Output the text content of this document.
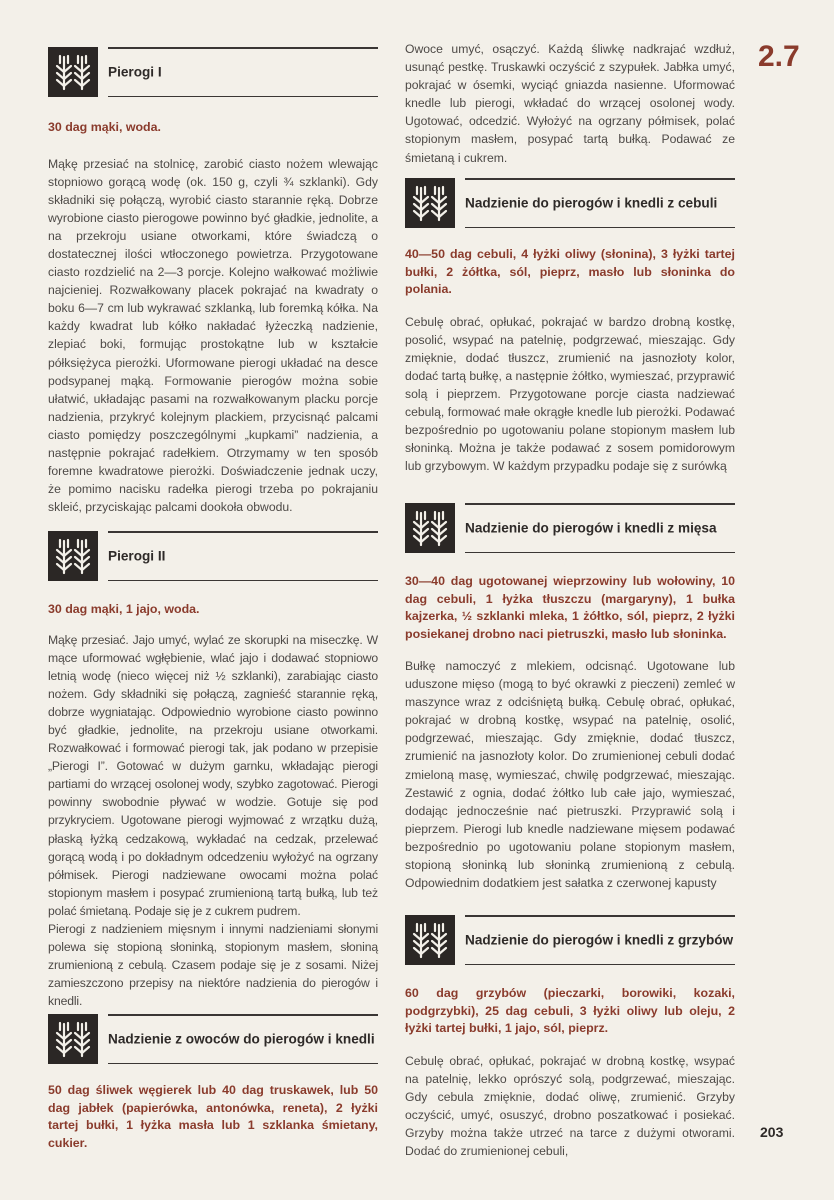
2.7
Pierogi I

30 dag mąki, woda.

Mąkę przesiać na stolnicę, zarobić ciasto nożem wlewając stopniowo gorącą wodę (ok. 150 g, czyli ¾ szklanki). Gdy składniki się połączą, wyrobić ciasto starannie ręką. Dobrze wyrobione ciasto pierogowe powinno być gładkie, jednolite, a na przekroju usiane otworkami, które świadczą o dostatecznej ilości wtłoczonego powietrza. Przygotowane ciasto rozdzielić na 2—3 porcje. Kolejno wałkować możliwie najcieniej. Rozwałkowany placek pokrajać na kwadraty o boku 6—7 cm lub wykrawać szklanką, lub foremką kółka. Na każdy kwadrat lub kółko nakładać łyżeczką nadzienie, zlepiać boki, formując prostokątne lub w kształcie półksiężyca pierożki. Uformowane pierogi układać na desce podsypanej mąką. Formowanie pierogów można sobie ułatwić, układając pasami na rozwałkowanym placku porcje nadzienia, przykryć kolejnym plackiem, przycisnąć palcami ciasto pomiędzy poszczególnymi „kupkami” nadzienia, a następnie pokrajać radełkiem. Otrzymamy w ten sposób foremne kwadratowe pierożki. Doświadczenie jednak uczy, że pomimo nacisku radełka pierogi trzeba po pokrajaniu skleić, przyciskając palcami dookoła obwodu.

Pierogi II

30 dag mąki, 1 jajo, woda.

Mąkę przesiać. Jajo umyć, wylać ze skorupki na miseczkę. W mące uformować wgłębienie, wlać jajo i dodawać stopniowo letnią wodę (nieco więcej niż ½ szklanki), zarabiając ciasto nożem. Gdy składniki się połączą, zagnieść starannie ręką, dobrze wygniatając. Odpowiednio wyrobione ciasto powinno być gładkie, jednolite, na przekroju usiane otworkami. Rozwałkować i formować pierogi tak, jak podano w przepisie „Pierogi I”. Gotować w dużym garnku, wkładając pierogi partiami do wrzącej osolonej wody, szybko zagotować. Pierogi powinny swobodnie pływać w wodzie. Gotuje się pod przykryciem. Ugotowane pierogi wyjmować z wrzątku dużą, płaską łyżką cedzakową, wykładać na cedzak, przelewać gorącą wodą i po dokładnym odcedzeniu wyłożyć na ogrzany półmisek. Pierogi nadziewane owocami można polać stopionym masłem i posypać zrumienioną tartą bułką, lub też polać śmietaną. Podaje się je z cukrem pudrem.

Pierogi z nadzieniem mięsnym i innymi nadzieniami słonymi polewa się stopioną słoninką, stopionym masłem, słoniną zrumienioną z cebulą. Czasem podaje się je z sosami. Niżej zamieszczono przepisy na niektóre nadzienia do pierogów i knedli.

Nadzienie z owoców do pierogów i knedli

50 dag śliwek węgierek lub 40 dag truskawek, lub 50 dag jabłek (papierówka, antonówka, reneta), 2 łyżki tartej bułki, 1 łyżka masła lub 1 szklanka śmietany, cukier.

Owoce umyć, osączyć. Każdą śliwkę nadkrajać wzdłuż, usunąć pestkę. Truskawki oczyścić z szypułek. Jabłka umyć, pokrajać w ósemki, wyciąć gniazda nasienne. Uformować knedle lub pierogi, wkładać do wrzącej osolonej wody. Ugotować, odcedzić. Wyłożyć na ogrzany półmisek, polać stopionym masłem, posypać tartą bułką. Podawać ze śmietaną i cukrem.

Nadzienie do pierogów i knedli z cebuli

40—50 dag cebuli, 4 łyżki oliwy (słonina), 3 łyżki tartej bułki, 2 żółtka, sól, pieprz, masło lub słoninka do polania.

Cebulę obrać, opłukać, pokrajać w bardzo drobną kostkę, posolić, wsypać na patelnię, podgrzewać, mieszając. Gdy zmięknie, dodać tłuszcz, zrumienić na jasnozłoty kolor, dodać tartą bułkę, a następnie żółtko, wymieszać, przyprawić solą i pieprzem. Przygotowane porcje ciasta nadziewać cebulą, formować małe okrągłe knedle lub pierożki. Podawać bezpośrednio po ugotowaniu polane stopionym masłem lub słoninką. Można je także podawać z sosem pomidorowym lub grzybowym. W każdym przypadku podaje się z surówką

Nadzienie do pierogów i knedli z mięsa

30—40 dag ugotowanej wieprzowiny lub wołowiny, 10 dag cebuli, 1 łyżka tłuszczu (margaryny), 1 bułka kajzerka, ½ szklanki mleka, 1 żółtko, sól, pieprz, 2 łyżki posiekanej drobno naci pietruszki, masło lub słoninka.

Bułkę namoczyć z mlekiem, odcisnąć. Ugotowane lub uduszone mięso (mogą to być okrawki z pieczeni) zemleć w maszynce wraz z odciśniętą bułką. Cebulę obrać, opłukać, pokrajać w drobną kostkę, wsypać na patelnię, osolić, podgrzewać, mieszając. Gdy zmięknie, dodać tłuszcz, zrumienić na jasnozłoty kolor. Do zrumienionej cebuli dodać zmieloną masę, wymieszać, chwilę podgrzewać, mieszając. Zestawić z ognia, dodać żółtko lub całe jajo, wymieszać, dodając jednocześnie nać pietruszki. Przyprawić solą i pieprzem. Pierogi lub knedle nadziewane mięsem podawać bezpośrednio po ugotowaniu polane stopionym masłem, stopioną słoninką lub słoninką zrumienioną z cebulą. Odpowiednim dodatkiem jest sałatka z czerwonej kapusty

Nadzienie do pierogów i knedli z grzybów

60 dag grzybów (pieczarki, borowiki, kozaki, podgrzybki), 25 dag cebuli, 3 łyżki oliwy lub oleju, 2 łyżki tartej bułki, 1 jajo, sól, pieprz.

Cebulę obrać, opłukać, pokrajać w drobną kostkę, wsypać na patelnię, lekko oprószyć solą, podgrzewać, mieszając. Gdy cebula zmięknie, dodać oliwę, zrumienić. Grzyby oczyścić, umyć, osuszyć, drobno poszatkować i posiekać. Grzyby można także utrzeć na tarce z dużymi otworami. Dodać do zrumienionej cebuli,

203
